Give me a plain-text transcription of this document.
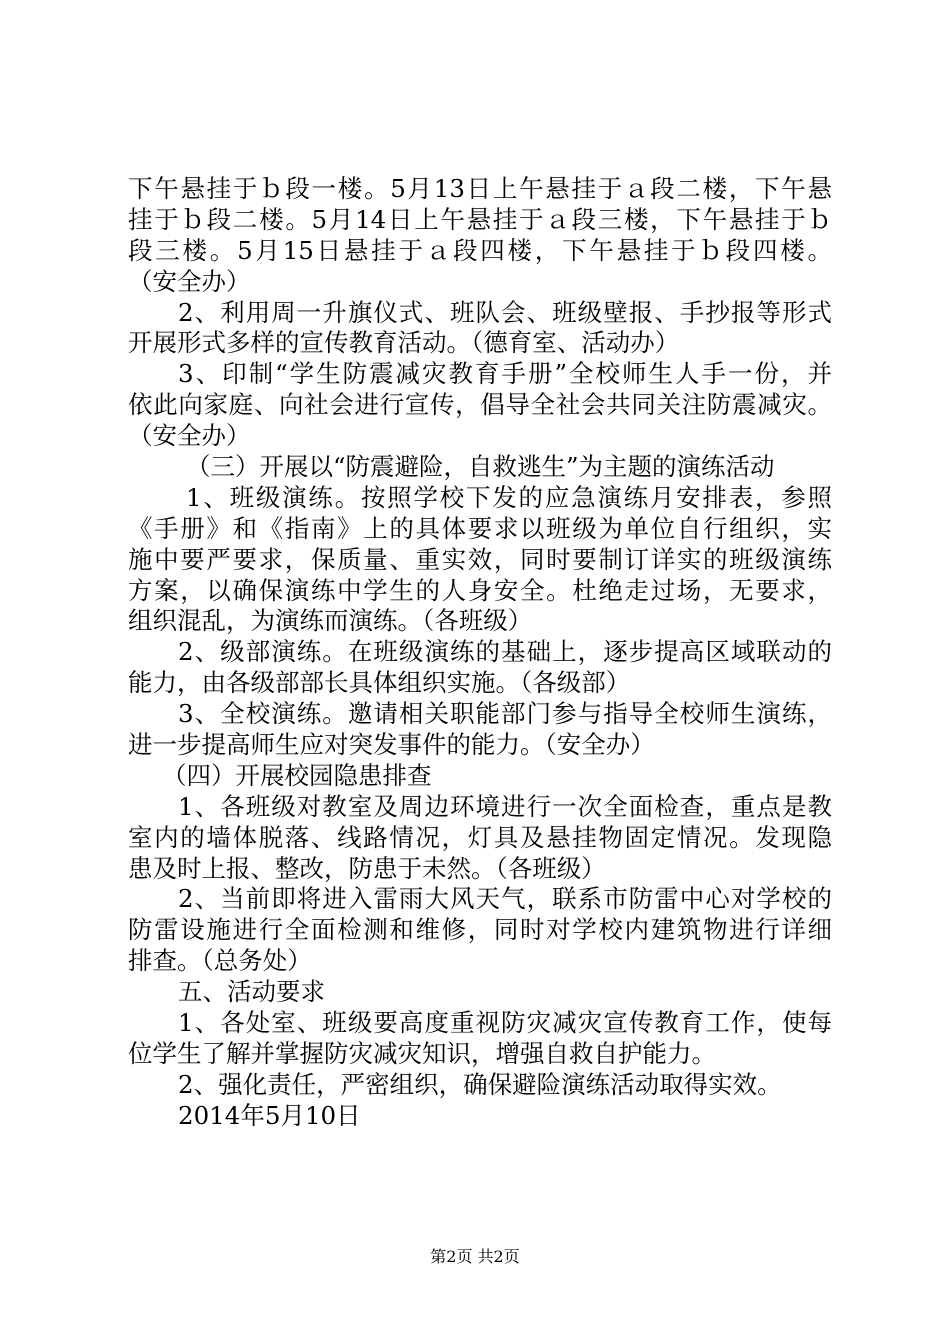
下午悬挂于ｂ段一楼。5月13日上午悬挂于ａ段二楼，下午悬
挂于ｂ段二楼。5月14日上午悬挂于ａ段三楼，下午悬挂于ｂ
段三楼。5月15日悬挂于ａ段四楼，下午悬挂于ｂ段四楼。
（安全办）
2、利用周一升旗仪式、班队会、班级壁报、手抄报等形式
开展形式多样的宣传教育活动。（德育室、活动办）
3、印制“学生防震减灾教育手册”全校师生人手一份，并
依此向家庭、向社会进行宣传，倡导全社会共同关注防震减灾。
（安全办）
（三）开展以“防震避险，自救逃生”为主题的演练活动
1、班级演练。按照学校下发的应急演练月安排表，参照
《手册》和《指南》上的具体要求以班级为单位自行组织，实
施中要严要求，保质量、重实效，同时要制订详实的班级演练
方案，以确保演练中学生的人身安全。杜绝走过场，无要求，
组织混乱，为演练而演练。（各班级）
2、级部演练。在班级演练的基础上，逐步提高区域联动的
能力，由各级部部长具体组织实施。（各级部）
3、全校演练。邀请相关职能部门参与指导全校师生演练，
进一步提高师生应对突发事件的能力。（安全办）
（四）开展校园隐患排查
1、各班级对教室及周边环境进行一次全面检查，重点是教
室内的墙体脱落、线路情况，灯具及悬挂物固定情况。发现隐
患及时上报、整改，防患于未然。（各班级）
2、当前即将进入雷雨大风天气，联系市防雷中心对学校的
防雷设施进行全面检测和维修，同时对学校内建筑物进行详细
排查。（总务处）
五、活动要求
1、各处室、班级要高度重视防灾减灾宣传教育工作，使每
位学生了解并掌握防灾减灾知识，增强自救自护能力。
2、强化责任，严密组织，确保避险演练活动取得实效。
2014年5月10日
第2页 共2页
